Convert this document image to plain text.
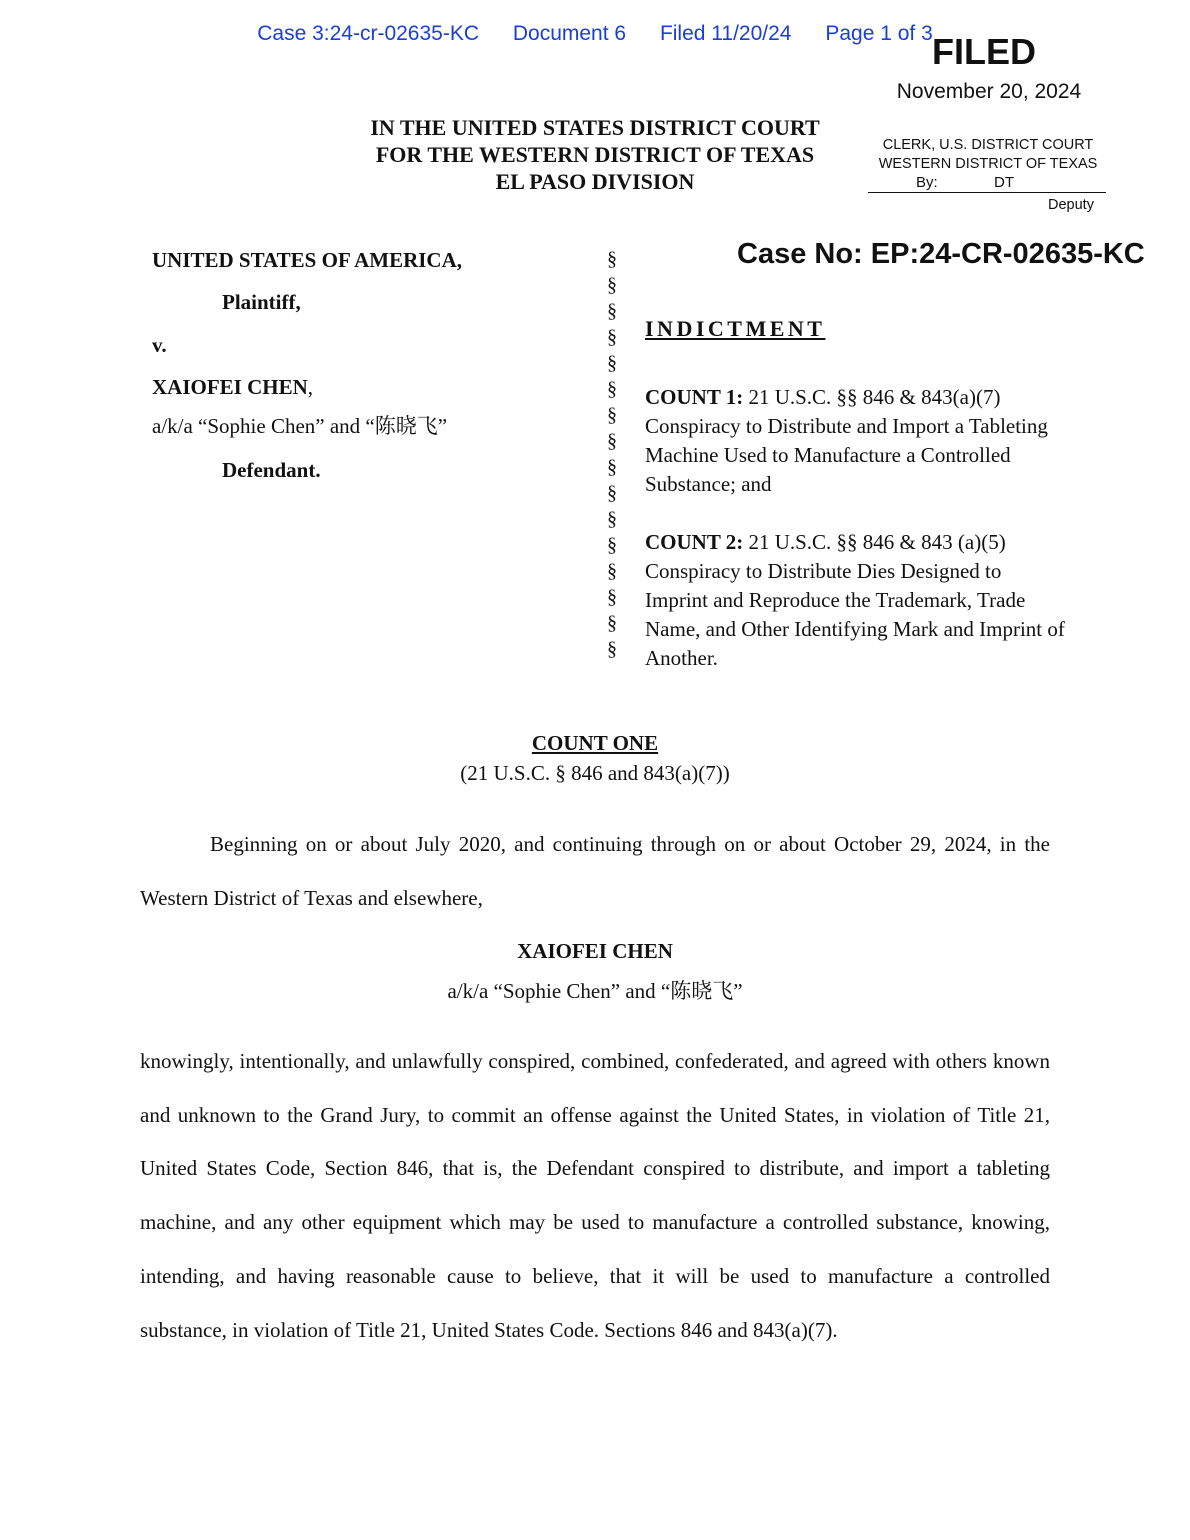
Case 3:24-cr-02635-KC Document 6 Filed 11/20/24 Page 1 of 3 FILED
November 20, 2024
CLERK, U.S. DISTRICT COURT
WESTERN DISTRICT OF TEXAS
By:	DT
Deputy
IN THE UNITED STATES DISTRICT COURT
FOR THE WESTERN DISTRICT OF TEXAS
EL PASO DIVISION
UNITED STATES OF AMERICA,
Plaintiff,
v.
XAIOFEI CHEN,
a/k/a “Sophie Chen” and “陈晓飞”
Defendant.
§
§
§
§
§
§
§
§
§
§
§
§
§
§
§
§
Case No: EP:24-CR-02635-KC
INDICTMENT
COUNT 1: 21 U.S.C. §§ 846 & 843(a)(7)
Conspiracy to Distribute and Import a Tableting Machine Used to Manufacture a Controlled Substance; and
COUNT 2: 21 U.S.C. §§ 846 & 843 (a)(5)
Conspiracy to Distribute Dies Designed to Imprint and Reproduce the Trademark, Trade Name, and Other Identifying Mark and Imprint of Another.
COUNT ONE
(21 U.S.C. § 846 and 843(a)(7))
Beginning on or about July 2020, and continuing through on or about October 29, 2024, in the Western District of Texas and elsewhere,
XAIOFEI CHEN
a/k/a “Sophie Chen” and “陈晓飞”
knowingly, intentionally, and unlawfully conspired, combined, confederated, and agreed with others known and unknown to the Grand Jury, to commit an offense against the United States, in violation of Title 21, United States Code, Section 846, that is, the Defendant conspired to distribute, and import a tableting machine, and any other equipment which may be used to manufacture a controlled substance, knowing, intending, and having reasonable cause to believe, that it will be used to manufacture a controlled substance, in violation of Title 21, United States Code. Sections 846 and 843(a)(7).
